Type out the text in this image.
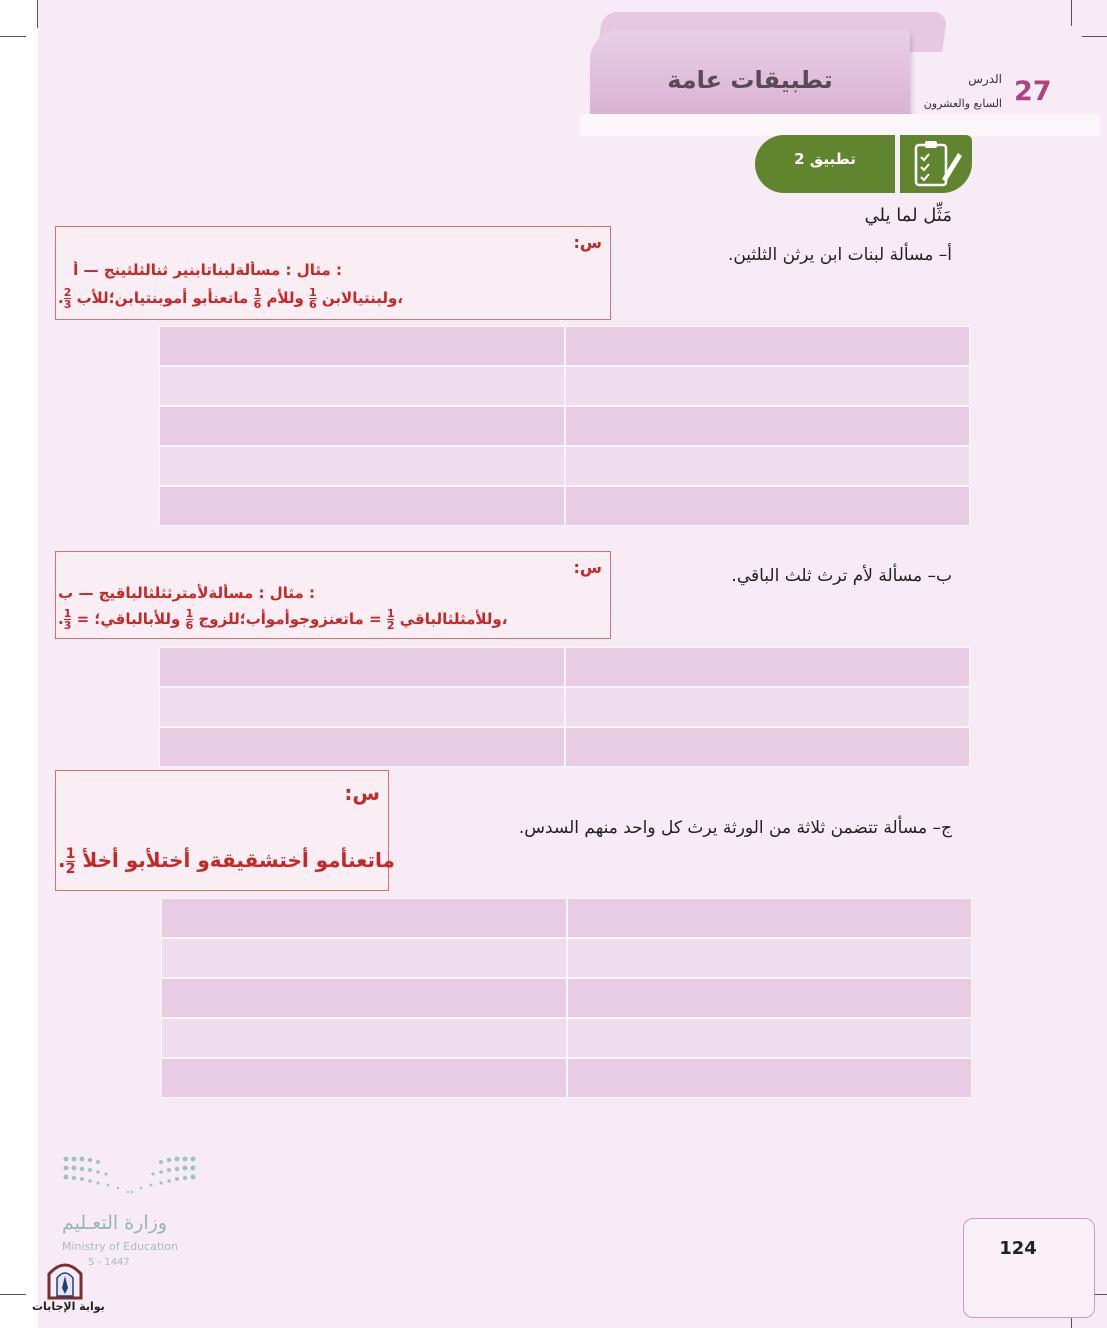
تطبيقات عامة	27
الدرس
السابع والعشرون
تطبيق 2
مَثِّل لما يلي
أ– مسألة لبنات ابن يرثن الثلثين.
س:
: مثال : مسألةلبناتابنير ثنالثلثينج — أ
،ولبنتيالابن
$\frac{1}{6}$
وللأم
$\frac{1}{6}$
ماتعنأبو أموبنتيابن؛للأب
$\frac{2}{3}$
.
ب– مسألة لأم ترث ثلث الباقي.
س:
: مثال : مسألةلأمترثثلثالباقيج — ب
،وللأمثلثالباقي
$\frac{1}{2}$
= ماتعنزوجوأموأب؛للزوج
$\frac{1}{6}$
وللأبالباقي؛ =
$\frac{1}{3}$
.
ج– مسألة تتضمن ثلاثة من الورثة يرث كل واحد منهم السدس.
س:
ماتعنأمو أختشقيقةو أختلأبو أخلأ
$\frac{1}{2}$
.
وزارة التعـليم
Ministry of Education
5 - 1447
بوابة الإجابات
124
